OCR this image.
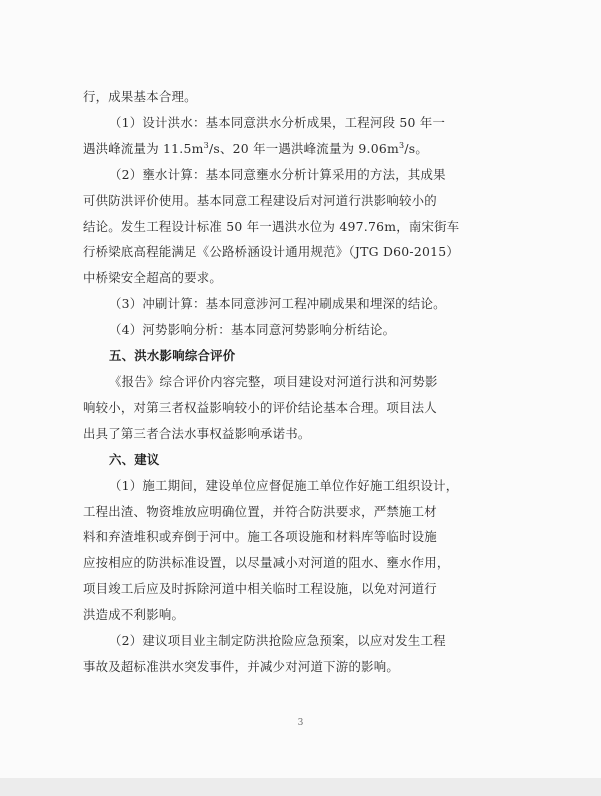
行，成果基本合理。

（1）设计洪水：基本同意洪水分析成果，工程河段 50 年一

遇洪峰流量为 $11.5m^3/s$、20 年一遇洪峰流量为 $9.06m^3/s$。

（2）壅水计算：基本同意壅水分析计算采用的方法，其成果

可供防洪评价使用。基本同意工程建设后对河道行洪影响较小的

结论。发生工程设计标准 50 年一遇洪水位为 497.76m，南宋街车

行桥梁底高程能满足《公路桥涵设计通用规范》（JTG D60-2015）

中桥梁安全超高的要求。

（3）冲刷计算：基本同意涉河工程冲刷成果和埋深的结论。

（4）河势影响分析：基本同意河势影响分析结论。

五、洪水影响综合评价

《报告》综合评价内容完整，项目建设对河道行洪和河势影

响较小，对第三者权益影响较小的评价结论基本合理。项目法人

出具了第三者合法水事权益影响承诺书。

六、建议

（1）施工期间，建设单位应督促施工单位作好施工组织设计，

工程出渣、物资堆放应明确位置，并符合防洪要求，严禁施工材

料和弃渣堆积或弃倒于河中。施工各项设施和材料库等临时设施

应按相应的防洪标准设置，以尽量减小对河道的阻水、壅水作用，

项目竣工后应及时拆除河道中相关临时工程设施，以免对河道行

洪造成不利影响。

（2）建议项目业主制定防洪抢险应急预案，以应对发生工程

事故及超标准洪水突发事件，并减少对河道下游的影响。

3
